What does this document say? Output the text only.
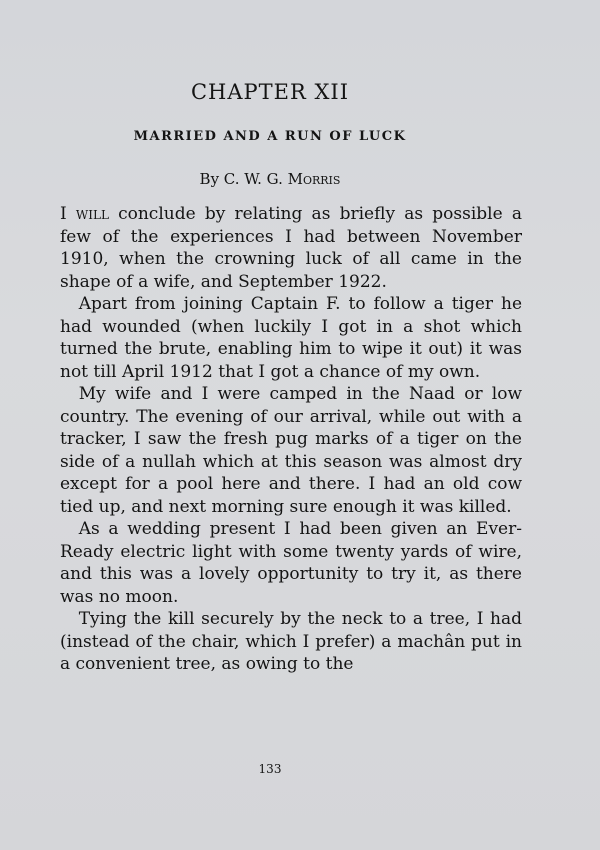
CHAPTER XII
MARRIED AND A RUN OF LUCK

By C. W. G. Morris

I will conclude by relating as briefly as possible a few of the experiences I had between November 1910, when the crowning luck of all came in the shape of a wife, and September 1922.

Apart from joining Captain F. to follow a tiger he had wounded (when luckily I got in a shot which turned the brute, enabling him to wipe it out) it was not till April 1912 that I got a chance of my own.

My wife and I were camped in the Naad or low country. The evening of our arrival, while out with a tracker, I saw the fresh pug marks of a tiger on the side of a nullah which at this season was almost dry except for a pool here and there. I had an old cow tied up, and next morning sure enough it was killed.

As a wedding present I had been given an Ever-Ready electric light with some twenty yards of wire, and this was a lovely opportunity to try it, as there was no moon.

Tying the kill securely by the neck to a tree, I had (instead of the chair, which I prefer) a machân put in a convenient tree, as owing to the

133
